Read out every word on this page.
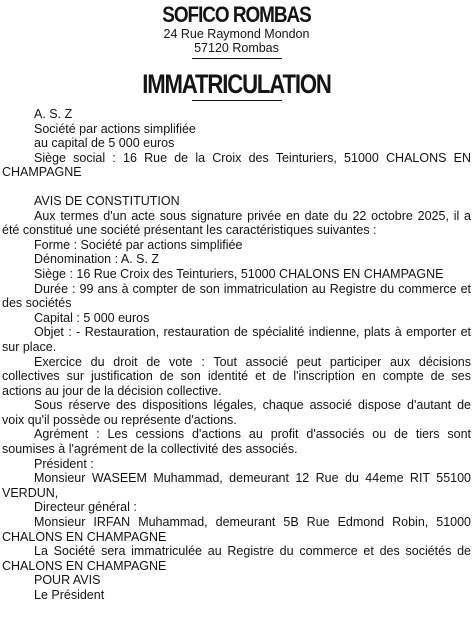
SOFICO ROMBAS
24 Rue Raymond Mondon
57120 Rombas
IMMATRICULATION

A. S. Z

Société par actions simplifiée

au capital de 5 000 euros

Siège social : 16 Rue de la Croix des Teinturiers, 51000 CHALONS EN CHAMPAGNE

AVIS DE CONSTITUTION

Aux termes d'un acte sous signature privée en date du 22 octobre 2025, il a été constitué une société présentant les caractéristiques suivantes :

Forme : Société par actions simplifiée

Dénomination : A. S. Z

Siège : 16 Rue Croix des Teinturiers, 51000 CHALONS EN CHAMPAGNE

Durée : 99 ans à compter de son immatriculation au Registre du commerce et des sociétés

Capital : 5 000 euros

Objet : - Restauration, restauration de spécialité indienne, plats à emporter et sur place.

Exercice du droit de vote : Tout associé peut participer aux décisions collectives sur justification de son identité et de l'inscription en compte de ses actions au jour de la décision collective.

Sous réserve des dispositions légales, chaque associé dispose d'autant de voix qu'il possède ou représente d'actions.

Agrément : Les cessions d'actions au profit d'associés ou de tiers sont soumises à l'agrément de la collectivité des associés.

Président :

Monsieur WASEEM Muhammad, demeurant 12 Rue du 44eme RIT 55100 VERDUN,

Directeur général :

Monsieur IRFAN Muhammad, demeurant 5B Rue Edmond Robin, 51000 CHALONS EN CHAMPAGNE

La Société sera immatriculée au Registre du commerce et des sociétés de CHALONS EN CHAMPAGNE

POUR AVIS

Le Président
